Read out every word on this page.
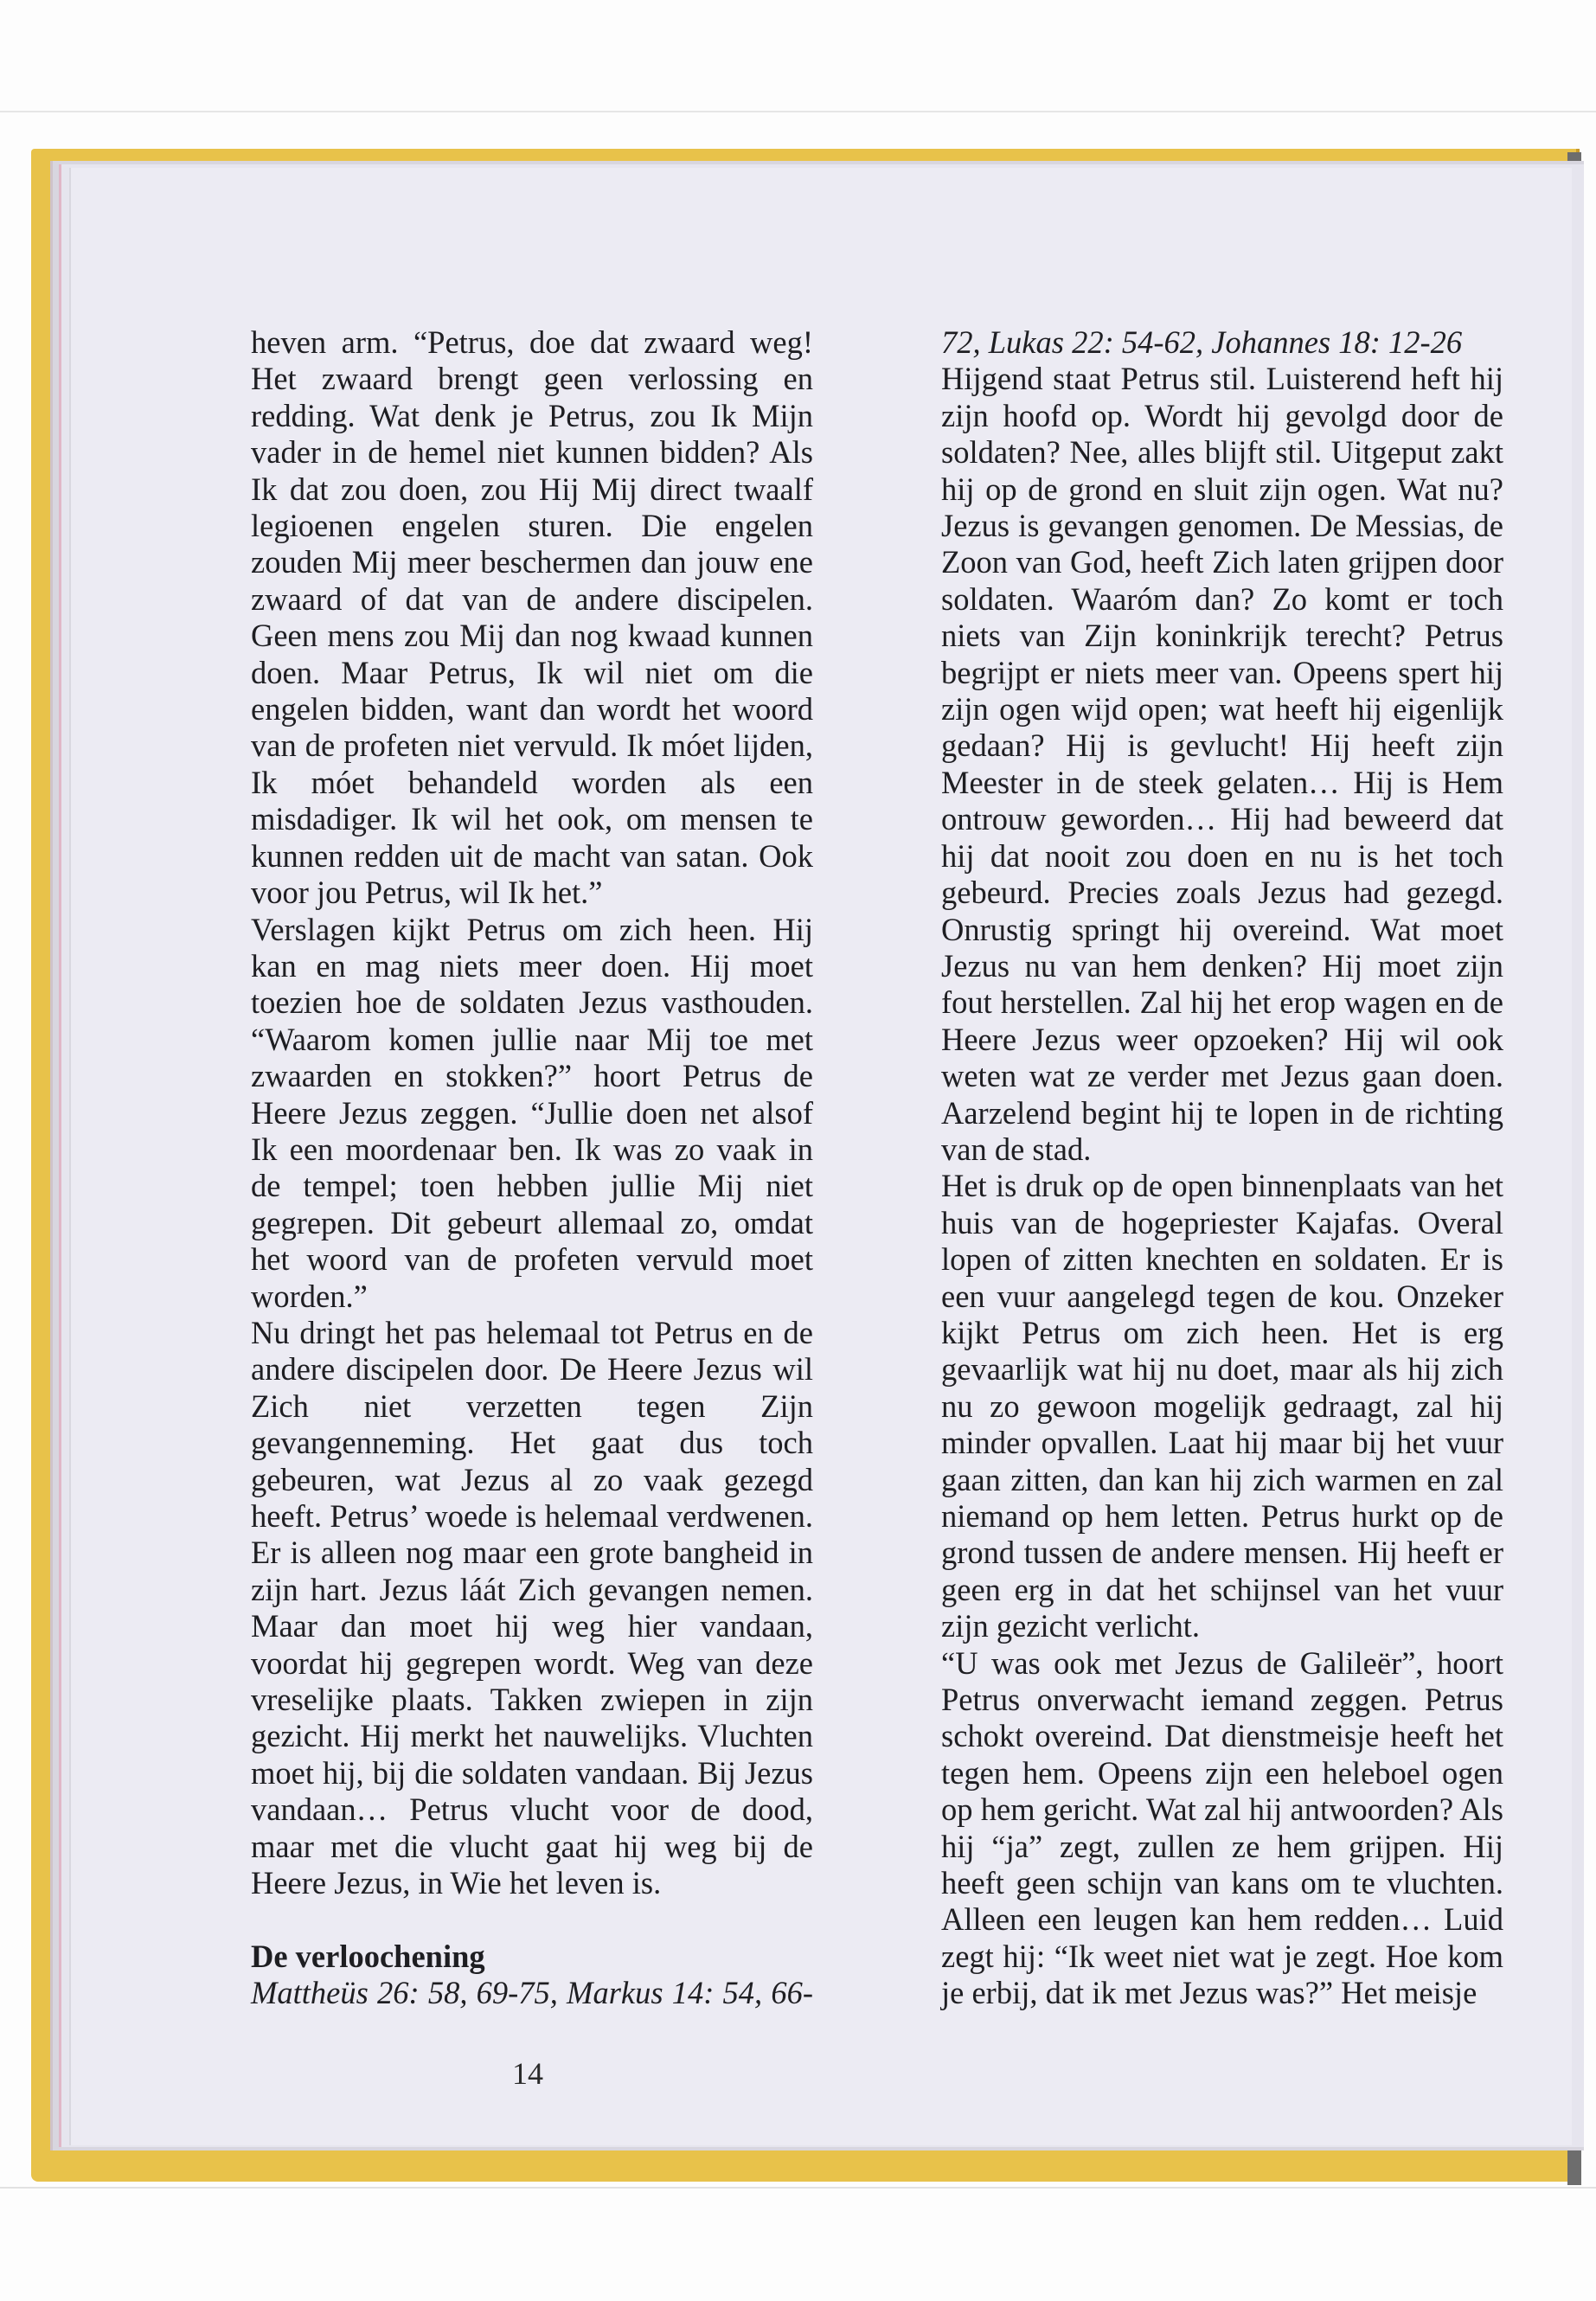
heven arm. “Petrus, doe dat zwaard weg! Het zwaard brengt geen verlossing en redding. Wat denk je Petrus, zou Ik Mijn vader in de hemel niet kunnen bidden? Als Ik dat zou doen, zou Hij Mij direct twaalf legioenen engelen sturen. Die engelen zouden Mij meer beschermen dan jouw ene zwaard of dat van de andere discipelen. Geen mens zou Mij dan nog kwaad kunnen doen. Maar Petrus, Ik wil niet om die engelen bidden, want dan wordt het woord van de profeten niet vervuld. Ik móet lijden, Ik móet behandeld worden als een misdadiger. Ik wil het ook, om mensen te kunnen redden uit de macht van satan. Ook voor jou Petrus, wil Ik het.”

Verslagen kijkt Petrus om zich heen. Hij kan en mag niets meer doen. Hij moet toezien hoe de soldaten Jezus vasthouden. “Waarom komen jullie naar Mij toe met zwaarden en stokken?” hoort Petrus de Heere Jezus zeggen. “Jullie doen net alsof Ik een moordenaar ben. Ik was zo vaak in de tempel; toen hebben jullie Mij niet gegrepen. Dit gebeurt allemaal zo, omdat het woord van de profeten vervuld moet worden.”

Nu dringt het pas helemaal tot Petrus en de andere discipelen door. De Heere Jezus wil Zich niet verzetten tegen Zijn gevangenneming. Het gaat dus toch gebeuren, wat Jezus al zo vaak gezegd heeft. Petrus’ woede is helemaal verdwenen. Er is alleen nog maar een grote bangheid in zijn hart. Jezus láát Zich gevangen nemen. Maar dan moet hij weg hier vandaan, voordat hij gegrepen wordt. Weg van deze vreselijke plaats. Takken zwiepen in zijn gezicht. Hij merkt het nauwelijks. Vluchten moet hij, bij die soldaten vandaan. Bij Jezus vandaan… Petrus vlucht voor de dood, maar met die vlucht gaat hij weg bij de Heere Jezus, in Wie het leven is.

De verloochening

Mattheüs 26: 58, 69-75, Markus 14: 54, 66-

72, Lukas 22: 54-62, Johannes 18: 12-26

Hijgend staat Petrus stil. Luisterend heft hij zijn hoofd op. Wordt hij gevolgd door de soldaten? Nee, alles blijft stil. Uitgeput zakt hij op de grond en sluit zijn ogen. Wat nu? Jezus is gevangen genomen. De Messias, de Zoon van God, heeft Zich laten grijpen door soldaten. Waaróm dan? Zo komt er toch niets van Zijn koninkrijk terecht? Petrus begrijpt er niets meer van. Opeens spert hij zijn ogen wijd open; wat heeft hij eigenlijk gedaan? Hij is gevlucht! Hij heeft zijn Meester in de steek gelaten… Hij is Hem ontrouw geworden… Hij had beweerd dat hij dat nooit zou doen en nu is het toch gebeurd. Precies zoals Jezus had gezegd. Onrustig springt hij overeind. Wat moet Jezus nu van hem denken? Hij moet zijn fout herstellen. Zal hij het erop wagen en de Heere Jezus weer opzoeken? Hij wil ook weten wat ze verder met Jezus gaan doen. Aarzelend begint hij te lopen in de richting van de stad.

Het is druk op de open binnenplaats van het huis van de hogepriester Kajafas. Overal lopen of zitten knechten en soldaten. Er is een vuur aangelegd tegen de kou. Onzeker kijkt Petrus om zich heen. Het is erg gevaarlijk wat hij nu doet, maar als hij zich nu zo gewoon mogelijk gedraagt, zal hij minder opvallen. Laat hij maar bij het vuur gaan zitten, dan kan hij zich warmen en zal niemand op hem letten. Petrus hurkt op de grond tussen de andere mensen. Hij heeft er geen erg in dat het schijnsel van het vuur zijn gezicht verlicht.

“U was ook met Jezus de Galileër”, hoort Petrus onverwacht iemand zeggen. Petrus schokt overeind. Dat dienstmeisje heeft het tegen hem. Opeens zijn een heleboel ogen op hem gericht. Wat zal hij antwoorden? Als hij “ja” zegt, zullen ze hem grijpen. Hij heeft geen schijn van kans om te vluchten. Alleen een leugen kan hem redden… Luid zegt hij: “Ik weet niet wat je zegt. Hoe kom je erbij, dat ik met Jezus was?” Het meisje

14
